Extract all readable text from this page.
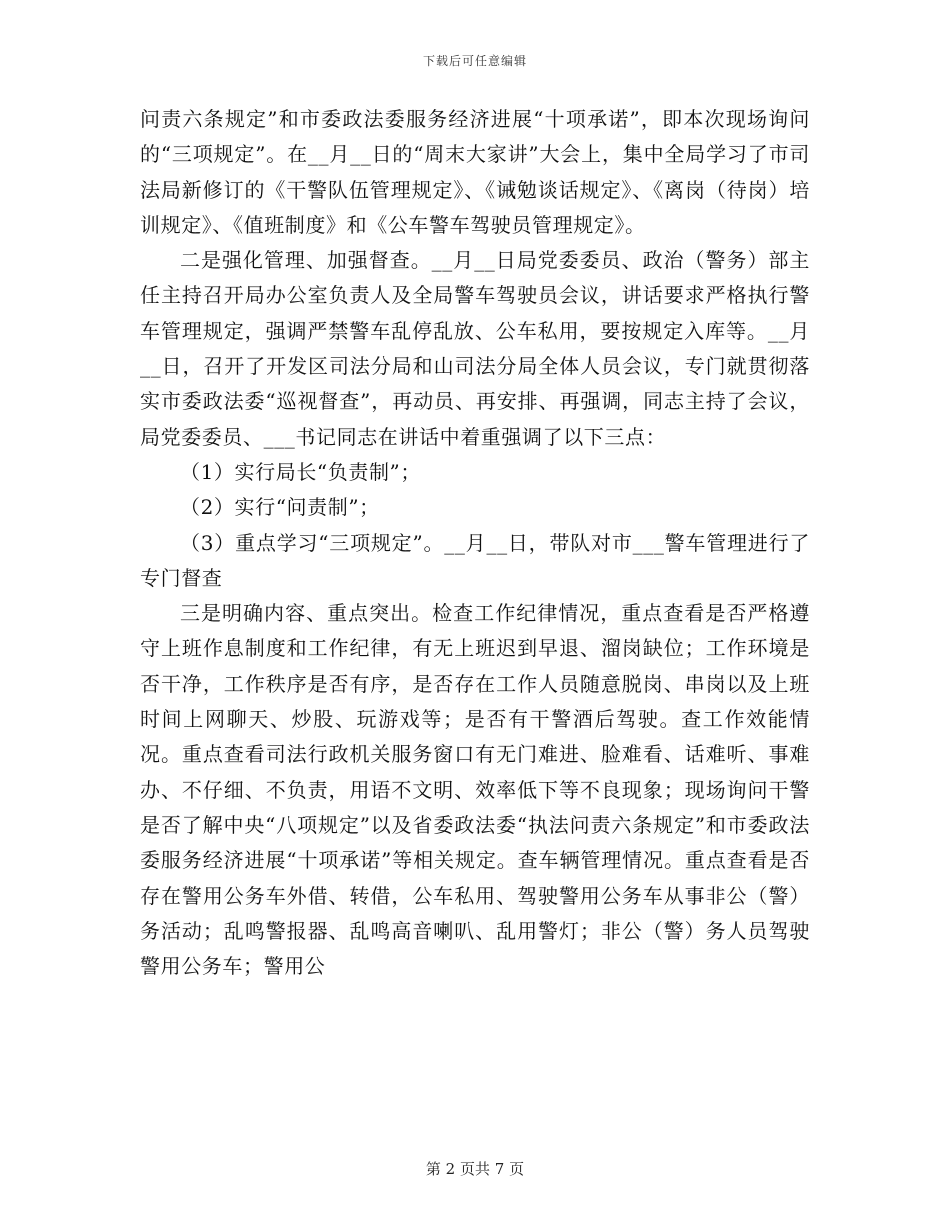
下载后可任意编辑

问责六条规定”和市委政法委服务经济进展“十项承诺”，即本次现场询问的“三项规定”。在__月__日的“周末大家讲”大会上，集中全局学习了市司法局新修订的《干警队伍管理规定》、《诫勉谈话规定》、《离岗（待岗）培训规定》、《值班制度》和《公车警车驾驶员管理规定》。

二是强化管理、加强督查。__月__日局党委委员、政治（警务）部主任主持召开局办公室负责人及全局警车驾驶员会议，讲话要求严格执行警车管理规定，强调严禁警车乱停乱放、公车私用，要按规定入库等。__月__日，召开了开发区司法分局和山司法分局全体人员会议，专门就贯彻落实市委政法委“巡视督查”，再动员、再安排、再强调，同志主持了会议，局党委委员、___书记同志在讲话中着重强调了以下三点：

（1）实行局长“负责制”；

（2）实行“问责制”；

（3）重点学习“三项规定”。__月__日，带队对市___警车管理进行了专门督查

三是明确内容、重点突出。检查工作纪律情况，重点查看是否严格遵守上班作息制度和工作纪律，有无上班迟到早退、溜岗缺位；工作环境是否干净，工作秩序是否有序，是否存在工作人员随意脱岗、串岗以及上班时间上网聊天、炒股、玩游戏等；是否有干警酒后驾驶。查工作效能情况。重点查看司法行政机关服务窗口有无门难进、脸难看、话难听、事难办、不仔细、不负责，用语不文明、效率低下等不良现象；现场询问干警是否了解中央“八项规定”以及省委政法委“执法问责六条规定”和市委政法委服务经济进展“十项承诺”等相关规定。查车辆管理情况。重点查看是否存在警用公务车外借、转借，公车私用、驾驶警用公务车从事非公（警）务活动；乱鸣警报器、乱鸣高音喇叭、乱用警灯；非公（警）务人员驾驶警用公务车；警用公

第 2 页共 7 页
